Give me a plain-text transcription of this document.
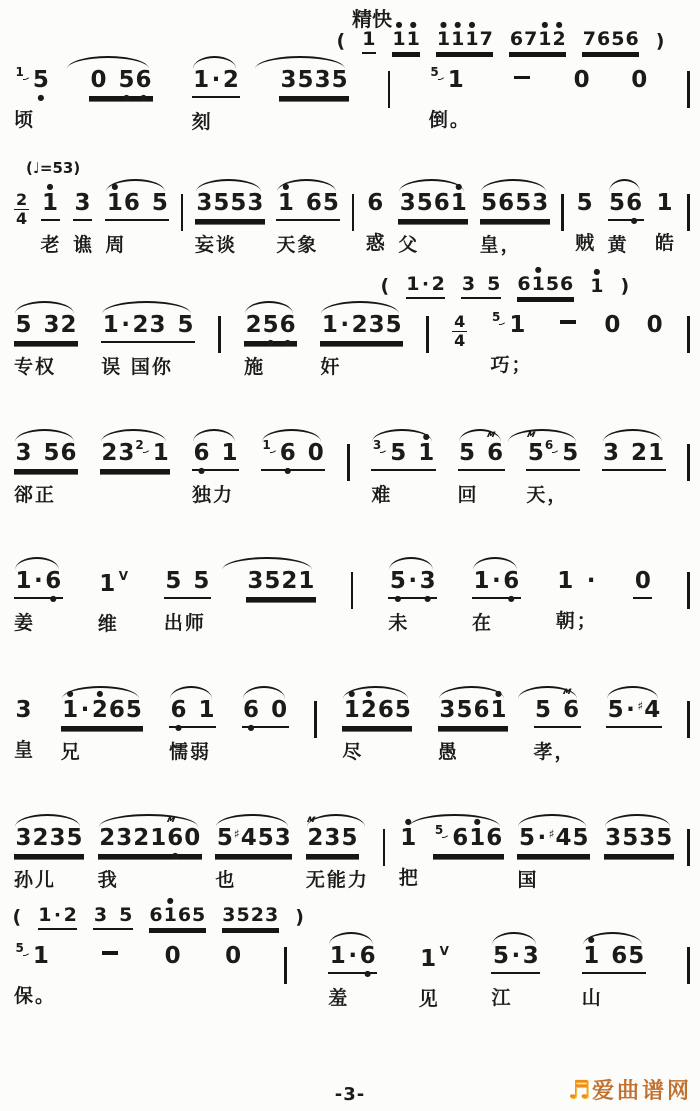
精快
( 1 1
●
1
●
1
●
1
●
1
●
7 671
●
2
●
7656 )
1 5
●
顷
0 5
●
6
●
1 · 2
刻
3535	5 1
倒。
0 0
(♩=53)
2
4
1
●
老
3
谯
1
●
6 5
周
3553
妄谈
1
●
65
天象
6
惑
3561
●
父
5653
皇，
5
贼
56
●
黄
1
皓
( 1 · 2 3 5 61
●
56 1
●
)
5 32
专权
1 · 23 5
误 国你
25
●
6
●
施
1 · 235
奸
4
4
5 1
巧；
0 0
3 56
郤正
232 1 6
●
1
独力
1 6
●
0	3 5 1
●
难
5 6
ᴍ
回
5
ᴍ
6 5
天，
3 21
1 · 6
●
姜
1 $^V$
维
5 5
出师
3521	5
●
· 3
●
未
1 · 6
●
在
1 ·
朝；
0
3
皇
1
●
· 2
●
65
兄
6
●
1
懦弱
6
●
0 1
●
2
●
65
尽
3561
●
愚
5 6
ᴍ
孝，
5 · ♯4
3235
孙儿
23216
ᴍ
●
0
我
5♯453
也
2
ᴍ
35
无能力
1
●
把
5 61
●
6 5 · ♯45
国
3535
( 1 · 2 3 5 61
●
65 3523 )
5 1
保。
0 0	1 · 6
●
羞
1 $^V$
见
5 · 3
江
1
●
65
山
-3-	♬ 爱曲谱网
